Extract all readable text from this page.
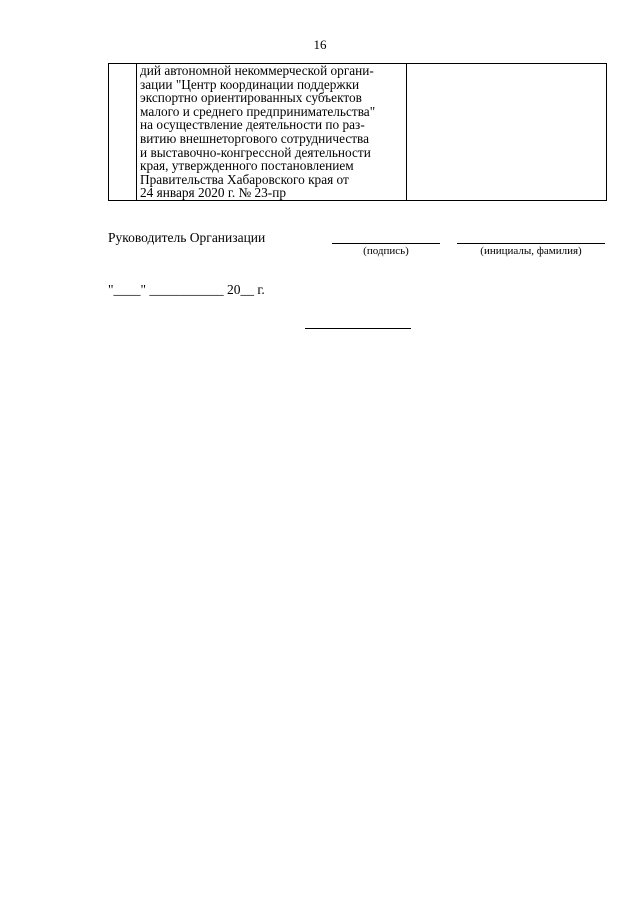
16

дий автономной некоммерческой органи-
зации "Центр координации поддержки
экспортно ориентированных субъектов
малого и среднего предпринимательства"
на осуществление деятельности по раз-
витию внешнеторгового сотрудничества
и выставочно-конгрессной деятельности
края, утвержденного постановлением
Правительства Хабаровского края от
24 января 2020 г. № 23-пр

Руководитель Организации
(подпись)	(инициалы, фамилия)
"____" ___________ 20__ г.
